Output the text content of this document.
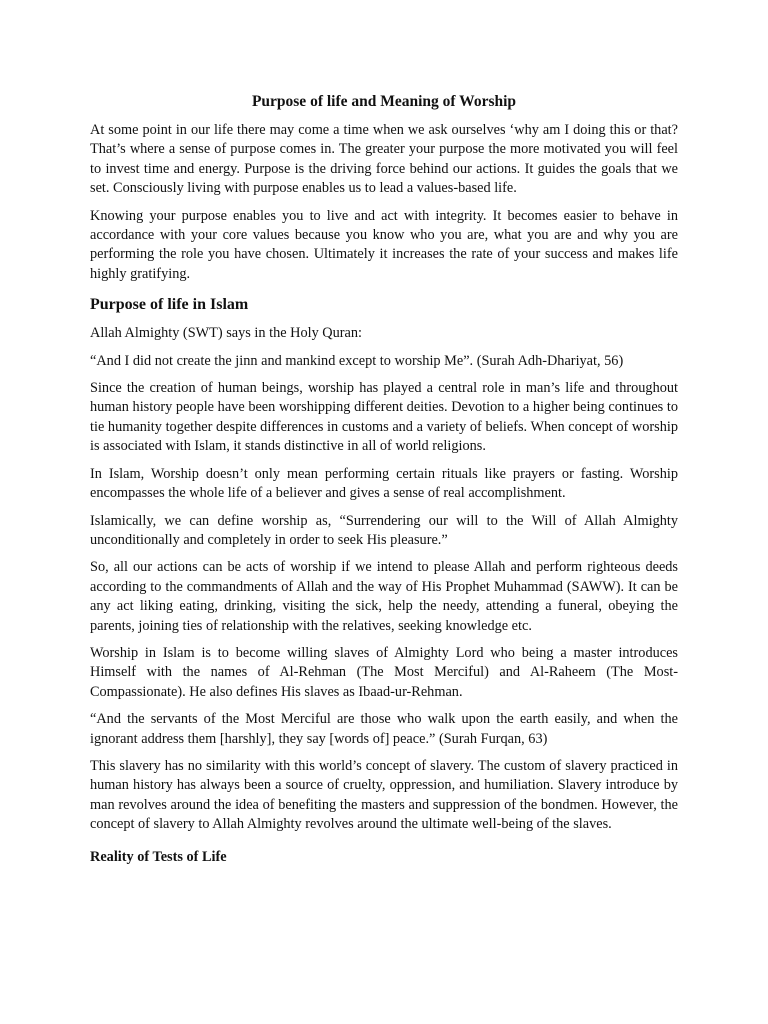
Purpose of life and Meaning of Worship

At some point in our life there may come a time when we ask ourselves ‘why am I doing this or that? That’s where a sense of purpose comes in. The greater your purpose the more motivated you will feel to invest time and energy. Purpose is the driving force behind our actions. It guides the goals that we set. Consciously living with purpose enables us to lead a values-based life.

Knowing your purpose enables you to live and act with integrity. It becomes easier to behave in accordance with your core values because you know who you are, what you are and why you are performing the role you have chosen. Ultimately it increases the rate of your success and makes life highly gratifying.

Purpose of life in Islam

Allah Almighty (SWT) says in the Holy Quran:

“And I did not create the jinn and mankind except to worship Me”. (Surah Adh-Dhariyat, 56)

Since the creation of human beings, worship has played a central role in man’s life and throughout human history people have been worshipping different deities. Devotion to a higher being continues to tie humanity together despite differences in customs and a variety of beliefs. When concept of worship is associated with Islam, it stands distinctive in all of world religions.

In Islam, Worship doesn’t only mean performing certain rituals like prayers or fasting. Worship encompasses the whole life of a believer and gives a sense of real accomplishment.

Islamically, we can define worship as, “Surrendering our will to the Will of Allah Almighty unconditionally and completely in order to seek His pleasure.”

So, all our actions can be acts of worship if we intend to please Allah and perform righteous deeds according to the commandments of Allah and the way of His Prophet Muhammad (SAWW). It can be any act liking eating, drinking, visiting the sick, help the needy, attending a funeral, obeying the parents, joining ties of relationship with the relatives, seeking knowledge etc.

Worship in Islam is to become willing slaves of Almighty Lord who being a master introduces Himself with the names of Al-Rehman (The Most Merciful) and Al-Raheem (The Most-Compassionate). He also defines His slaves as Ibaad-ur-Rehman.

“And the servants of the Most Merciful are those who walk upon the earth easily, and when the ignorant address them [harshly], they say [words of] peace.” (Surah Furqan, 63)

This slavery has no similarity with this world’s concept of slavery. The custom of slavery practiced in human history has always been a source of cruelty, oppression, and humiliation. Slavery introduce by man revolves around the idea of benefiting the masters and suppression of the bondmen. However, the concept of slavery to Allah Almighty revolves around the ultimate well-being of the slaves.

Reality of Tests of Life
